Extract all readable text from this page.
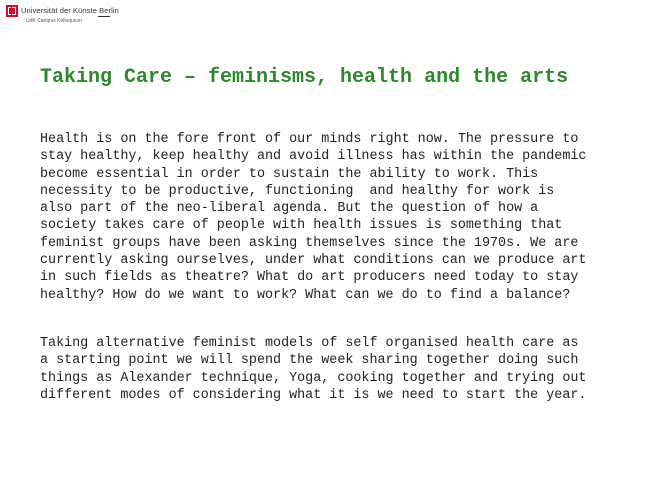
Universität der Künste Berlin
UdK Campus Kolloquium
Taking Care – feminisms, health and the arts

Health is on the fore front of our minds right now. The pressure to
stay healthy, keep healthy and avoid illness has within the pandemic
become essential in order to sustain the ability to work. This
necessity to be productive, functioning  and healthy for work is
also part of the neo-liberal agenda. But the question of how a
society takes care of people with health issues is something that
feminist groups have been asking themselves since the 1970s. We are
currently asking ourselves, under what conditions can we produce art
in such fields as theatre? What do art producers need today to stay
healthy? How do we want to work? What can we do to find a balance?

Taking alternative feminist models of self organised health care as
a starting point we will spend the week sharing together doing such
things as Alexander technique, Yoga, cooking together and trying out
different modes of considering what it is we need to start the year.
